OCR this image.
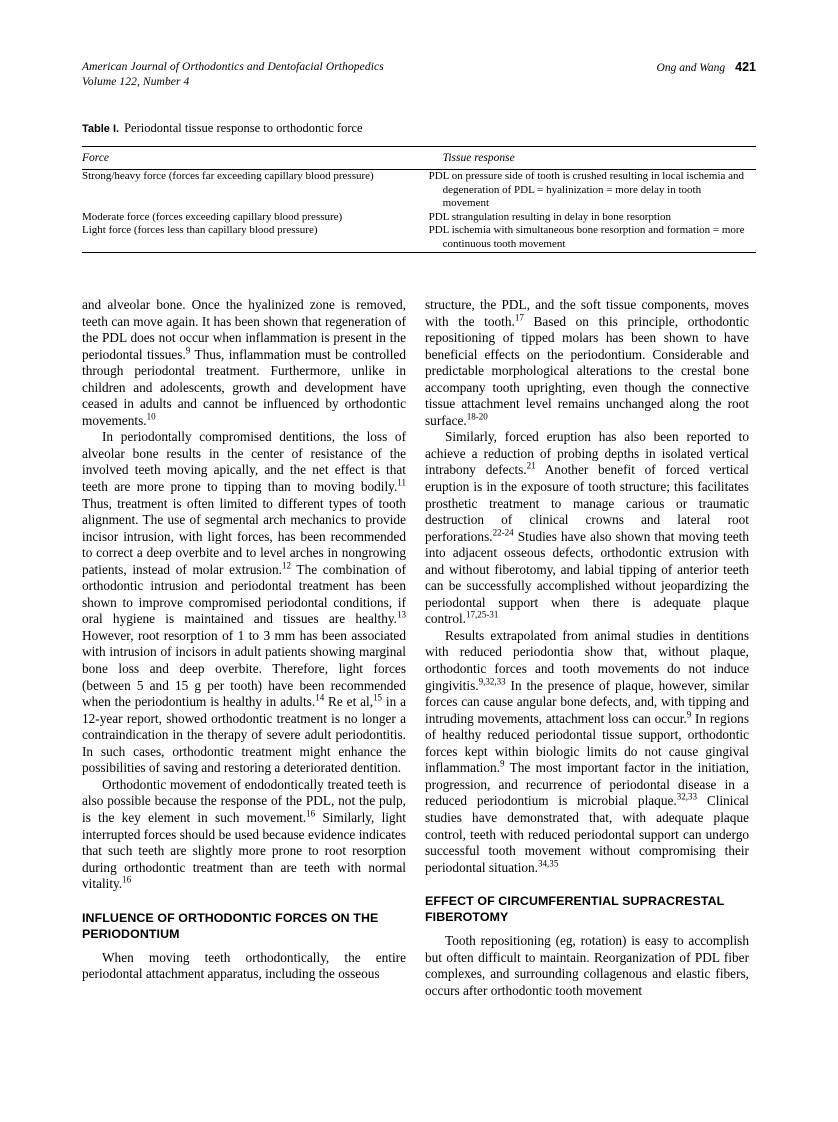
American Journal of Orthodontics and Dentofacial Orthopedics
Volume 122, Number 4
Ong and Wang 421
Table I. Periodontal tissue response to orthodontic force
Force	Tissue response
Strong/heavy force (forces far exceeding capillary blood pressure)	PDL on pressure side of tooth is crushed resulting in local ischemia and degeneration of PDL = hyalinization = more delay in tooth movement
Moderate force (forces exceeding capillary blood pressure)	PDL strangulation resulting in delay in bone resorption
Light force (forces less than capillary blood pressure)	PDL ischemia with simultaneous bone resorption and formation = more continuous tooth movement

and alveolar bone. Once the hyalinized zone is removed, teeth can move again. It has been shown that regeneration of the PDL does not occur when inflammation is present in the periodontal tissues.$^9$ Thus, inflammation must be controlled through periodontal treatment. Furthermore, unlike in children and adolescents, growth and development have ceased in adults and cannot be influenced by orthodontic movements.$^{10}$

In periodontally compromised dentitions, the loss of alveolar bone results in the center of resistance of the involved teeth moving apically, and the net effect is that teeth are more prone to tipping than to moving bodily.$^{11}$ Thus, treatment is often limited to different types of tooth alignment. The use of segmental arch mechanics to provide incisor intrusion, with light forces, has been recommended to correct a deep overbite and to level arches in nongrowing patients, instead of molar extrusion.$^{12}$ The combination of orthodontic intrusion and periodontal treatment has been shown to improve compromised periodontal conditions, if oral hygiene is maintained and tissues are healthy.$^{13}$ However, root resorption of 1 to 3 mm has been associated with intrusion of incisors in adult patients showing marginal bone loss and deep overbite. Therefore, light forces (between 5 and 15 g per tooth) have been recommended when the periodontium is healthy in adults.$^{14}$ Re et al,$^{15}$ in a 12-year report, showed orthodontic treatment is no longer a contraindication in the therapy of severe adult periodontitis. In such cases, orthodontic treatment might enhance the possibilities of saving and restoring a deteriorated dentition.

Orthodontic movement of endodontically treated teeth is also possible because the response of the PDL, not the pulp, is the key element in such movement.$^{16}$ Similarly, light interrupted forces should be used because evidence indicates that such teeth are slightly more prone to root resorption during orthodontic treatment than are teeth with normal vitality.$^{16}$

INFLUENCE OF ORTHODONTIC FORCES ON THE PERIODONTIUM

When moving teeth orthodontically, the entire periodontal attachment apparatus, including the osseous

structure, the PDL, and the soft tissue components, moves with the tooth.$^{17}$ Based on this principle, orthodontic repositioning of tipped molars has been shown to have beneficial effects on the periodontium. Considerable and predictable morphological alterations to the crestal bone accompany tooth uprighting, even though the connective tissue attachment level remains unchanged along the root surface.$^{18-20}$

Similarly, forced eruption has also been reported to achieve a reduction of probing depths in isolated vertical intrabony defects.$^{21}$ Another benefit of forced vertical eruption is in the exposure of tooth structure; this facilitates prosthetic treatment to manage carious or traumatic destruction of clinical crowns and lateral root perforations.$^{22-24}$ Studies have also shown that moving teeth into adjacent osseous defects, orthodontic extrusion with and without fiberotomy, and labial tipping of anterior teeth can be successfully accomplished without jeopardizing the periodontal support when there is adequate plaque control.$^{17,25-31}$

Results extrapolated from animal studies in dentitions with reduced periodontia show that, without plaque, orthodontic forces and tooth movements do not induce gingivitis.$^{9,32,33}$ In the presence of plaque, however, similar forces can cause angular bone defects, and, with tipping and intruding movements, attachment loss can occur.$^9$ In regions of healthy reduced periodontal tissue support, orthodontic forces kept within biologic limits do not cause gingival inflammation.$^9$ The most important factor in the initiation, progression, and recurrence of periodontal disease in a reduced periodontium is microbial plaque.$^{32,33}$ Clinical studies have demonstrated that, with adequate plaque control, teeth with reduced periodontal support can undergo successful tooth movement without compromising their periodontal situation.$^{34,35}$

EFFECT OF CIRCUMFERENTIAL SUPRACRESTAL FIBEROTOMY

Tooth repositioning (eg, rotation) is easy to accomplish but often difficult to maintain. Reorganization of PDL fiber complexes, and surrounding collagenous and elastic fibers, occurs after orthodontic tooth movement
